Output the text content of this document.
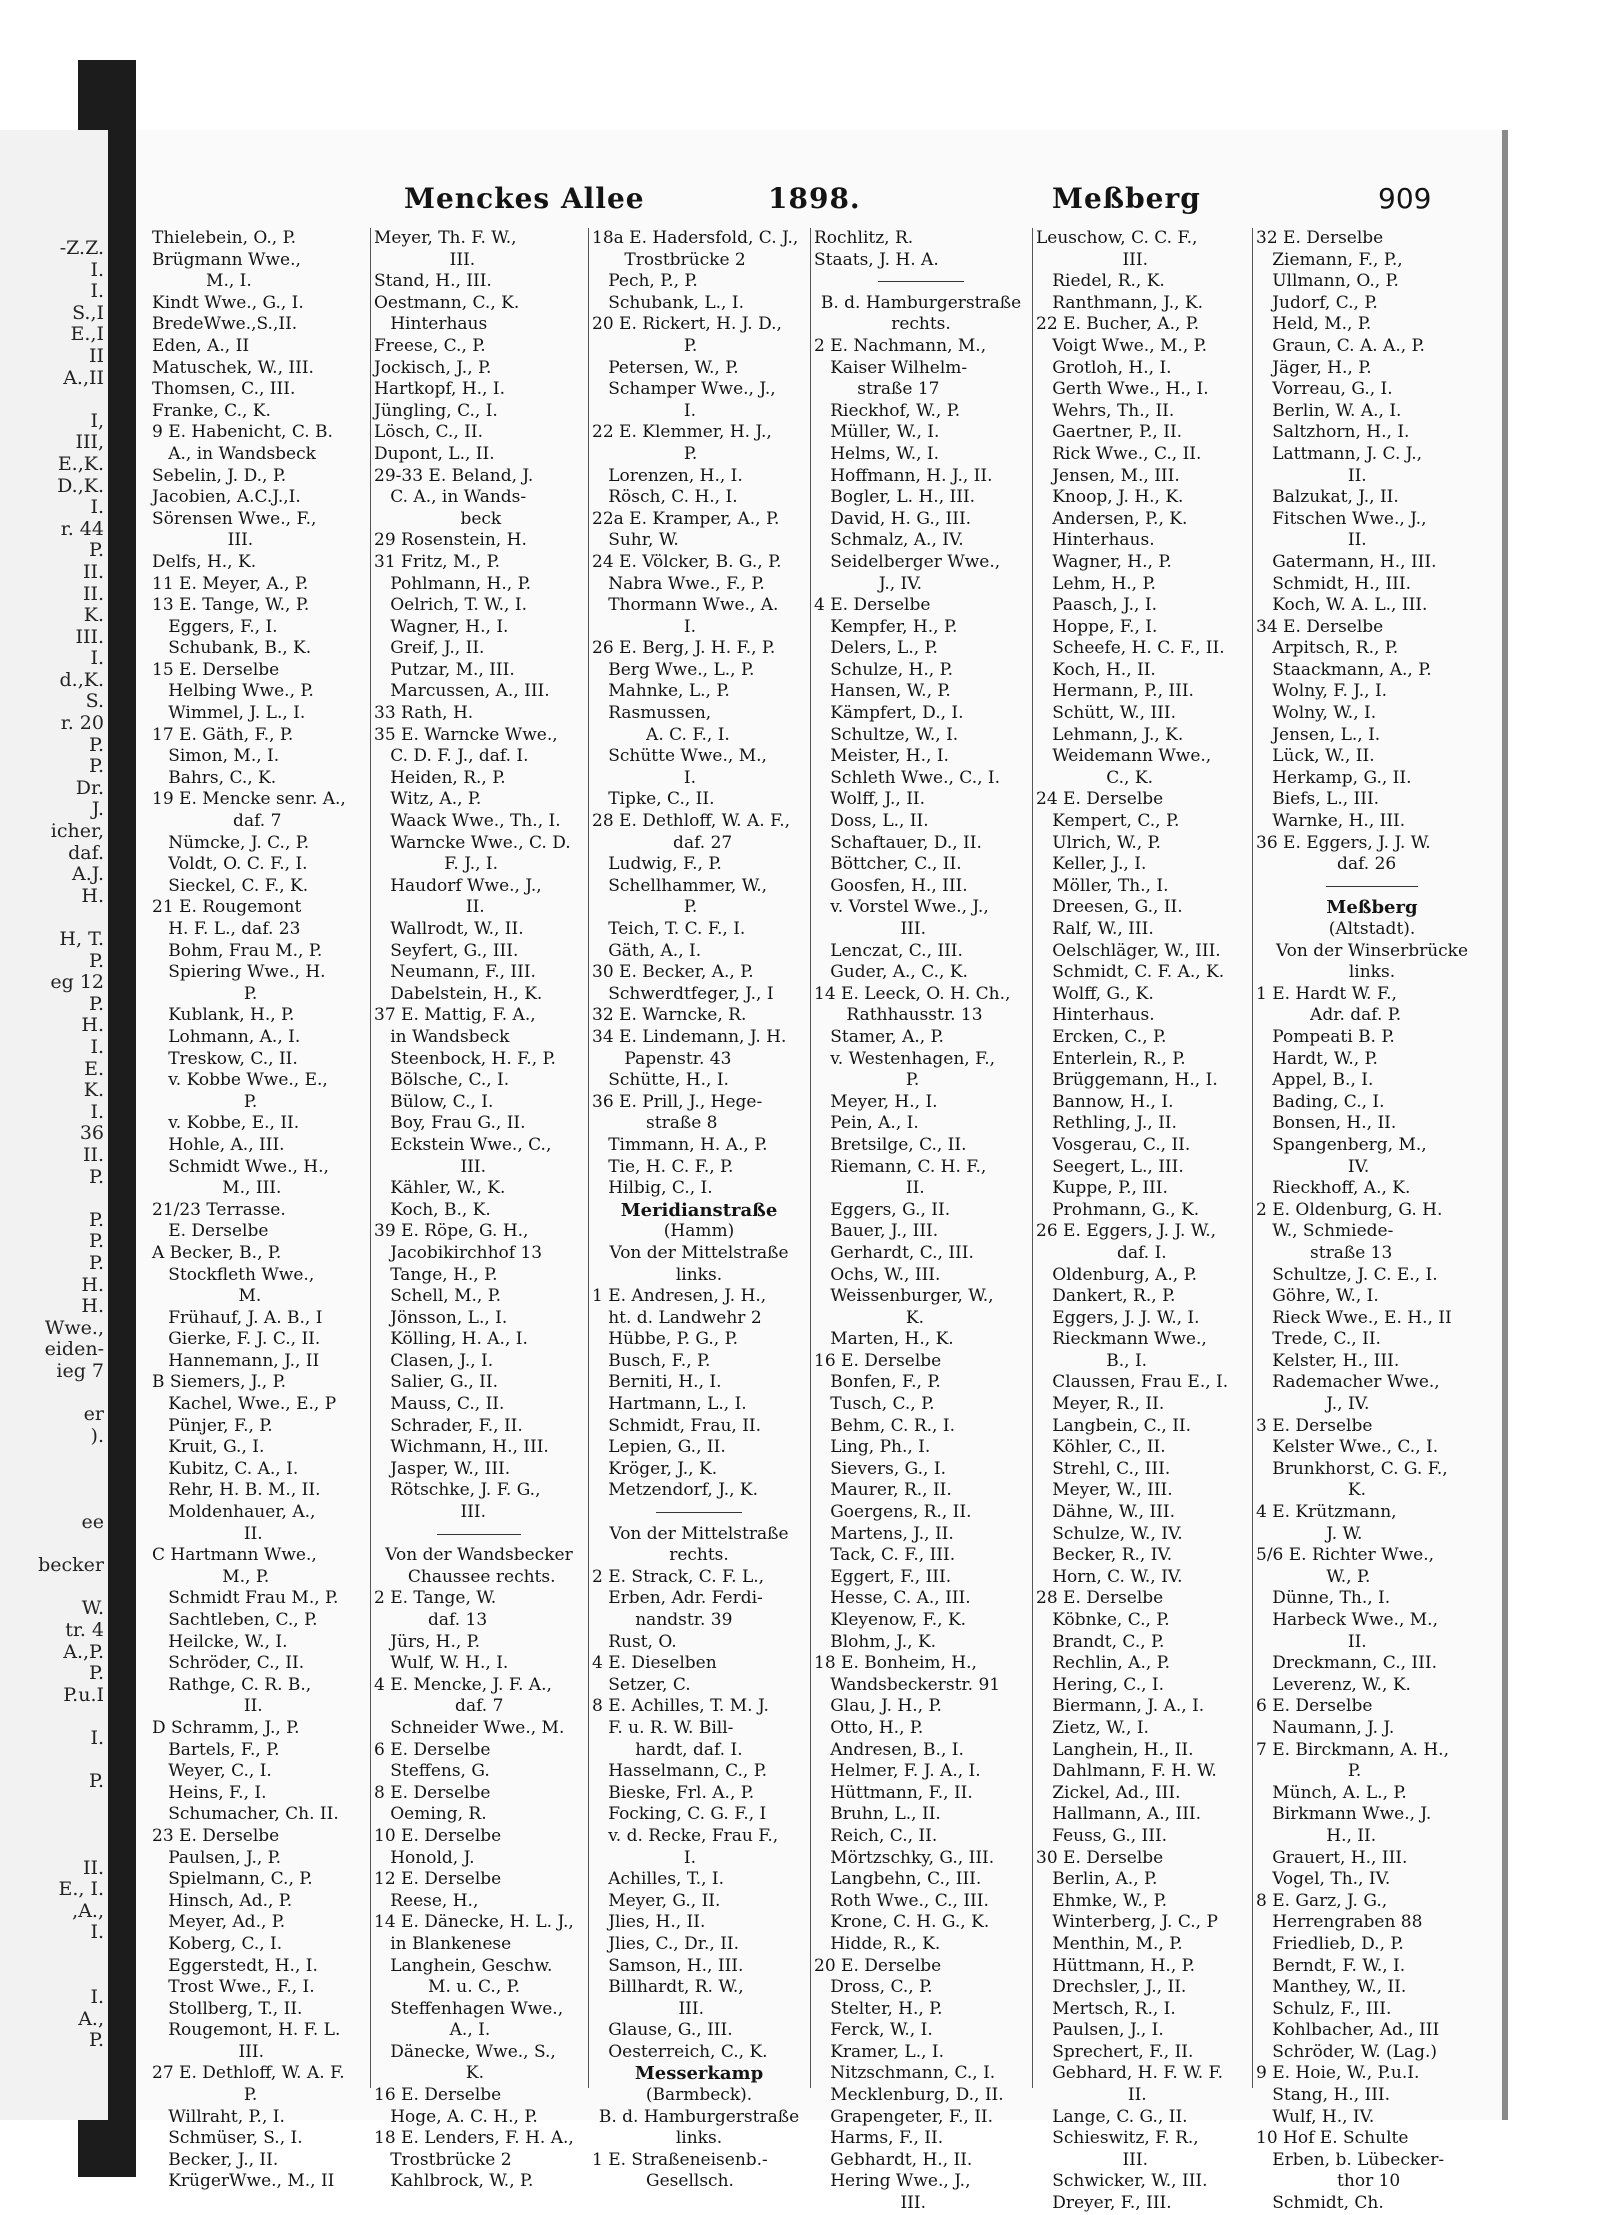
-Z.Z.
I.
I.
S.,I
E.,I
II
A.,II
I,
III,
E.,K.
D.,K.
I.
r. 44
P.
II.
II.
K.
III.
I.
d.,K.
S.
r. 20
P.
P.
Dr.
J.
icher,
daf.
A.J.
H.
H, T.
P.
eg 12
P.
H.
I.
E.
K.
I.
36
II.
P.
P.
P.
P.
H.
H.
Wwe.,
eiden-
ieg 7
er
).
ee
becker
W.
tr. 4
A.,P.
P.
P.u.I
I.
P.
II.
E., I.
,A.,
I.
I.
A.,
P.
Menckes Allee	1898.	Meßberg	909
Thielebein, O., P.
Brügmann Wwe.,
M., I.
Kindt Wwe., G., I.
BredeWwe.,S.,II.
Eden, A., II
Matuschek, W., III.
Thomsen, C., III.
Franke, C., K.
9 E. Habenicht, C. B.
A., in Wandsbeck
Sebelin, J. D., P.
Jacobien, A.C.J.,I.
Sörensen Wwe., F.,
III.
Delfs, H., K.
11 E. Meyer, A., P.
13 E. Tange, W., P.
Eggers, F., I.
Schubank, B., K.
15 E. Derselbe
Helbing Wwe., P.
Wimmel, J. L., I.
17 E. Gäth, F., P.
Simon, M., I.
Bahrs, C., K.
19 E. Mencke senr. A.,
daf. 7
Nümcke, J. C., P.
Voldt, O. C. F., I.
Sieckel, C. F., K.
21 E. Rougemont
H. F. L., daf. 23
Bohm, Frau M., P.
Spiering Wwe., H.
P.
Kublank, H., P.
Lohmann, A., I.
Treskow, C., II.
v. Kobbe Wwe., E.,
P.
v. Kobbe, E., II.
Hohle, A., III.
Schmidt Wwe., H.,
M., III.
21/23 Terrasse.
E. Derselbe
A Becker, B., P.
Stockfleth Wwe.,
M.
Frühauf, J. A. B., I
Gierke, F. J. C., II.
Hannemann, J., II
B Siemers, J., P.
Kachel, Wwe., E., P
Pünjer, F., P.
Kruit, G., I.
Kubitz, C. A., I.
Rehr, H. B. M., II.
Moldenhauer, A.,
II.
C Hartmann Wwe.,
M., P.
Schmidt Frau M., P.
Sachtleben, C., P.
Heilcke, W., I.
Schröder, C., II.
Rathge, C. R. B.,
II.
D Schramm, J., P.
Bartels, F., P.
Weyer, C., I.
Heins, F., I.
Schumacher, Ch. II.
23 E. Derselbe
Paulsen, J., P.
Spielmann, C., P.
Hinsch, Ad., P.
Meyer, Ad., P.
Koberg, C., I.
Eggerstedt, H., I.
Trost Wwe., F., I.
Stollberg, T., II.
Rougemont, H. F. L.
III.
27 E. Dethloff, W. A. F.
P.
Willraht, P., I.
Schmüser, S., I.
Becker, J., II.
KrügerWwe., M., II
Meyer, Th. F. W.,
III.
Stand, H., III.
Oestmann, C., K.
Hinterhaus
Freese, C., P.
Jockisch, J., P.
Hartkopf, H., I.
Jüngling, C., I.
Lösch, C., II.
Dupont, L., II.
29-33 E. Beland, J.
C. A., in Wands-
beck
29 Rosenstein, H.
31 Fritz, M., P.
Pohlmann, H., P.
Oelrich, T. W., I.
Wagner, H., I.
Greif, J., II.
Putzar, M., III.
Marcussen, A., III.
33 Rath, H.
35 E. Warncke Wwe.,
C. D. F. J., daf. I.
Heiden, R., P.
Witz, A., P.
Waack Wwe., Th., I.
Warncke Wwe., C. D.
F. J., I.
Haudorf Wwe., J.,
II.
Wallrodt, W., II.
Seyfert, G., III.
Neumann, F., III.
Dabelstein, H., K.
37 E. Mattig, F. A.,
in Wandsbeck
Steenbock, H. F., P.
Bölsche, C., I.
Bülow, C., I.
Boy, Frau G., II.
Eckstein Wwe., C.,
III.
Kähler, W., K.
Koch, B., K.
39 E. Röpe, G. H.,
Jacobikirchhof 13
Tange, H., P.
Schell, M., P.
Jönsson, L., I.
Kölling, H. A., I.
Clasen, J., I.
Salier, G., II.
Mauss, C., II.
Schrader, F., II.
Wichmann, H., III.
Jasper, W., III.
Rötschke, J. F. G.,
III.
Von der Wandsbecker
Chaussee rechts.
2 E. Tange, W.
daf. 13
Jürs, H., P.
Wulf, W. H., I.
4 E. Mencke, J. F. A.,
daf. 7
Schneider Wwe., M.
6 E. Derselbe
Steffens, G.
8 E. Derselbe
Oeming, R.
10 E. Derselbe
Honold, J.
12 E. Derselbe
Reese, H.,
14 E. Dänecke, H. L. J.,
in Blankenese
Langhein, Geschw.
M. u. C., P.
Steffenhagen Wwe.,
A., I.
Dänecke, Wwe., S.,
K.
16 E. Derselbe
Hoge, A. C. H., P.
18 E. Lenders, F. H. A.,
Trostbrücke 2
Kahlbrock, W., P.
18a E. Hadersfold, C. J.,
Trostbrücke 2
Pech, P., P.
Schubank, L., I.
20 E. Rickert, H. J. D.,
P.
Petersen, W., P.
Schamper Wwe., J.,
I.
22 E. Klemmer, H. J.,
P.
Lorenzen, H., I.
Rösch, C. H., I.
22a E. Kramper, A., P.
Suhr, W.
24 E. Völcker, B. G., P.
Nabra Wwe., F., P.
Thormann Wwe., A.
I.
26 E. Berg, J. H. F., P.
Berg Wwe., L., P.
Mahnke, L., P.
Rasmussen,
A. C. F., I.
Schütte Wwe., M.,
I.
Tipke, C., II.
28 E. Dethloff, W. A. F.,
daf. 27
Ludwig, F., P.
Schellhammer, W.,
P.
Teich, T. C. F., I.
Gäth, A., I.
30 E. Becker, A., P.
Schwerdtfeger, J., I
32 E. Warncke, R.
34 E. Lindemann, J. H.
Papenstr. 43
Schütte, H., I.
36 E. Prill, J., Hege-
straße 8
Timmann, H. A., P.
Tie, H. C. F., P.
Hilbig, C., I.
Meridianstraße
(Hamm)
Von der Mittelstraße
links.
1 E. Andresen, J. H.,
ht. d. Landwehr 2
Hübbe, P. G., P.
Busch, F., P.
Berniti, H., I.
Hartmann, L., I.
Schmidt, Frau, II.
Lepien, G., II.
Kröger, J., K.
Metzendorf, J., K.
Von der Mittelstraße
rechts.
2 E. Strack, C. F. L.,
Erben, Adr. Ferdi-
nandstr. 39
Rust, O.
4 E. Dieselben
Setzer, C.
8 E. Achilles, T. M. J.
F. u. R. W. Bill-
hardt, daf. I.
Hasselmann, C., P.
Bieske, Frl. A., P.
Focking, C. G. F., I
v. d. Recke, Frau F.,
I.
Achilles, T., I.
Meyer, G., II.
Jlies, H., II.
Jlies, C., Dr., II.
Samson, H., III.
Billhardt, R. W.,
III.
Glause, G., III.
Oesterreich, C., K.
Messerkamp
(Barmbeck).
B. d. Hamburgerstraße
links.
1 E. Straßeneisenb.-
Gesellsch.
Rochlitz, R.
Staats, J. H. A.
B. d. Hamburgerstraße
rechts.
2 E. Nachmann, M.,
Kaiser Wilhelm-
straße 17
Rieckhof, W., P.
Müller, W., I.
Helms, W., I.
Hoffmann, H. J., II.
Bogler, L. H., III.
David, H. G., III.
Schmalz, A., IV.
Seidelberger Wwe.,
J., IV.
4 E. Derselbe
Kempfer, H., P.
Delers, L., P.
Schulze, H., P.
Hansen, W., P.
Kämpfert, D., I.
Schultze, W., I.
Meister, H., I.
Schleth Wwe., C., I.
Wolff, J., II.
Doss, L., II.
Schaftauer, D., II.
Böttcher, C., II.
Goosfen, H., III.
v. Vorstel Wwe., J.,
III.
Lenczat, C., III.
Guder, A., C., K.
14 E. Leeck, O. H. Ch.,
Rathhausstr. 13
Stamer, A., P.
v. Westenhagen, F.,
P.
Meyer, H., I.
Pein, A., I.
Bretsilge, C., II.
Riemann, C. H. F.,
II.
Eggers, G., II.
Bauer, J., III.
Gerhardt, C., III.
Ochs, W., III.
Weissenburger, W.,
K.
Marten, H., K.
16 E. Derselbe
Bonfen, F., P.
Tusch, C., P.
Behm, C. R., I.
Ling, Ph., I.
Sievers, G., I.
Maurer, R., II.
Goergens, R., II.
Martens, J., II.
Tack, C. F., III.
Eggert, F., III.
Hesse, C. A., III.
Kleyenow, F., K.
Blohm, J., K.
18 E. Bonheim, H.,
Wandsbeckerstr. 91
Glau, J. H., P.
Otto, H., P.
Andresen, B., I.
Helmer, F. J. A., I.
Hüttmann, F., II.
Bruhn, L., II.
Reich, C., II.
Mörtzschky, G., III.
Langbehn, C., III.
Roth Wwe., C., III.
Krone, C. H. G., K.
Hidde, R., K.
20 E. Derselbe
Dross, C., P.
Stelter, H., P.
Ferck, W., I.
Kramer, L., I.
Nitzschmann, C., I.
Mecklenburg, D., II.
Grapengeter, F., II.
Harms, F., II.
Gebhardt, H., II.
Hering Wwe., J.,
III.
Leuschow, C. C. F.,
III.
Riedel, R., K.
Ranthmann, J., K.
22 E. Bucher, A., P.
Voigt Wwe., M., P.
Grotloh, H., I.
Gerth Wwe., H., I.
Wehrs, Th., II.
Gaertner, P., II.
Rick Wwe., C., II.
Jensen, M., III.
Knoop, J. H., K.
Andersen, P., K.
Hinterhaus.
Wagner, H., P.
Lehm, H., P.
Paasch, J., I.
Hoppe, F., I.
Scheefe, H. C. F., II.
Koch, H., II.
Hermann, P., III.
Schütt, W., III.
Lehmann, J., K.
Weidemann Wwe.,
C., K.
24 E. Derselbe
Kempert, C., P.
Ulrich, W., P.
Keller, J., I.
Möller, Th., I.
Dreesen, G., II.
Ralf, W., III.
Oelschläger, W., III.
Schmidt, C. F. A., K.
Wolff, G., K.
Hinterhaus.
Ercken, C., P.
Enterlein, R., P.
Brüggemann, H., I.
Bannow, H., I.
Rethling, J., II.
Vosgerau, C., II.
Seegert, L., III.
Kuppe, P., III.
Prohmann, G., K.
26 E. Eggers, J. J. W.,
daf. I.
Oldenburg, A., P.
Dankert, R., P.
Eggers, J. J. W., I.
Rieckmann Wwe.,
B., I.
Claussen, Frau E., I.
Meyer, R., II.
Langbein, C., II.
Köhler, C., II.
Strehl, C., III.
Meyer, W., III.
Dähne, W., III.
Schulze, W., IV.
Becker, R., IV.
Horn, C. W., IV.
28 E. Derselbe
Köbnke, C., P.
Brandt, C., P.
Rechlin, A., P.
Hering, C., I.
Biermann, J. A., I.
Zietz, W., I.
Langhein, H., II.
Dahlmann, F. H. W.
Zickel, Ad., III.
Hallmann, A., III.
Feuss, G., III.
30 E. Derselbe
Berlin, A., P.
Ehmke, W., P.
Winterberg, J. C., P
Menthin, M., P.
Hüttmann, H., P.
Drechsler, J., II.
Mertsch, R., I.
Paulsen, J., I.
Sprechert, F., II.
Gebhard, H. F. W. F.
II.
Lange, C. G., II.
Schieswitz, F. R.,
III.
Schwicker, W., III.
Dreyer, F., III.
32 E. Derselbe
Ziemann, F., P.,
Ullmann, O., P.
Judorf, C., P.
Held, M., P.
Graun, C. A. A., P.
Jäger, H., P.
Vorreau, G., I.
Berlin, W. A., I.
Saltzhorn, H., I.
Lattmann, J. C. J.,
II.
Balzukat, J., II.
Fitschen Wwe., J.,
II.
Gatermann, H., III.
Schmidt, H., III.
Koch, W. A. L., III.
34 E. Derselbe
Arpitsch, R., P.
Staackmann, A., P.
Wolny, F. J., I.
Wolny, W., I.
Jensen, L., I.
Lück, W., II.
Herkamp, G., II.
Biefs, L., III.
Warnke, H., III.
36 E. Eggers, J. J. W.
daf. 26
Meßberg
(Altstadt).
Von der Winserbrücke
links.
1 E. Hardt W. F.,
Adr. daf. P.
Pompeati B. P.
Hardt, W., P.
Appel, B., I.
Bading, C., I.
Bonsen, H., II.
Spangenberg, M.,
IV.
Rieckhoff, A., K.
2 E. Oldenburg, G. H.
W., Schmiede-
straße 13
Schultze, J. C. E., I.
Göhre, W., I.
Rieck Wwe., E. H., II
Trede, C., II.
Kelster, H., III.
Rademacher Wwe.,
J., IV.
3 E. Derselbe
Kelster Wwe., C., I.
Brunkhorst, C. G. F.,
K.
4 E. Krützmann,
J. W.
5/6 E. Richter Wwe.,
W., P.
Dünne, Th., I.
Harbeck Wwe., M.,
II.
Dreckmann, C., III.
Leverenz, W., K.
6 E. Derselbe
Naumann, J. J.
7 E. Birckmann, A. H.,
P.
Münch, A. L., P.
Birkmann Wwe., J.
H., II.
Grauert, H., III.
Vogel, Th., IV.
8 E. Garz, J. G.,
Herrengraben 88
Friedlieb, D., P.
Berndt, F. W., I.
Manthey, W., II.
Schulz, F., III.
Kohlbacher, Ad., III
Schröder, W. (Lag.)
9 E. Hoie, W., P.u.I.
Stang, H., III.
Wulf, H., IV.
10 Hof E. Schulte
Erben, b. Lübecker-
thor 10
Schmidt, Ch.
